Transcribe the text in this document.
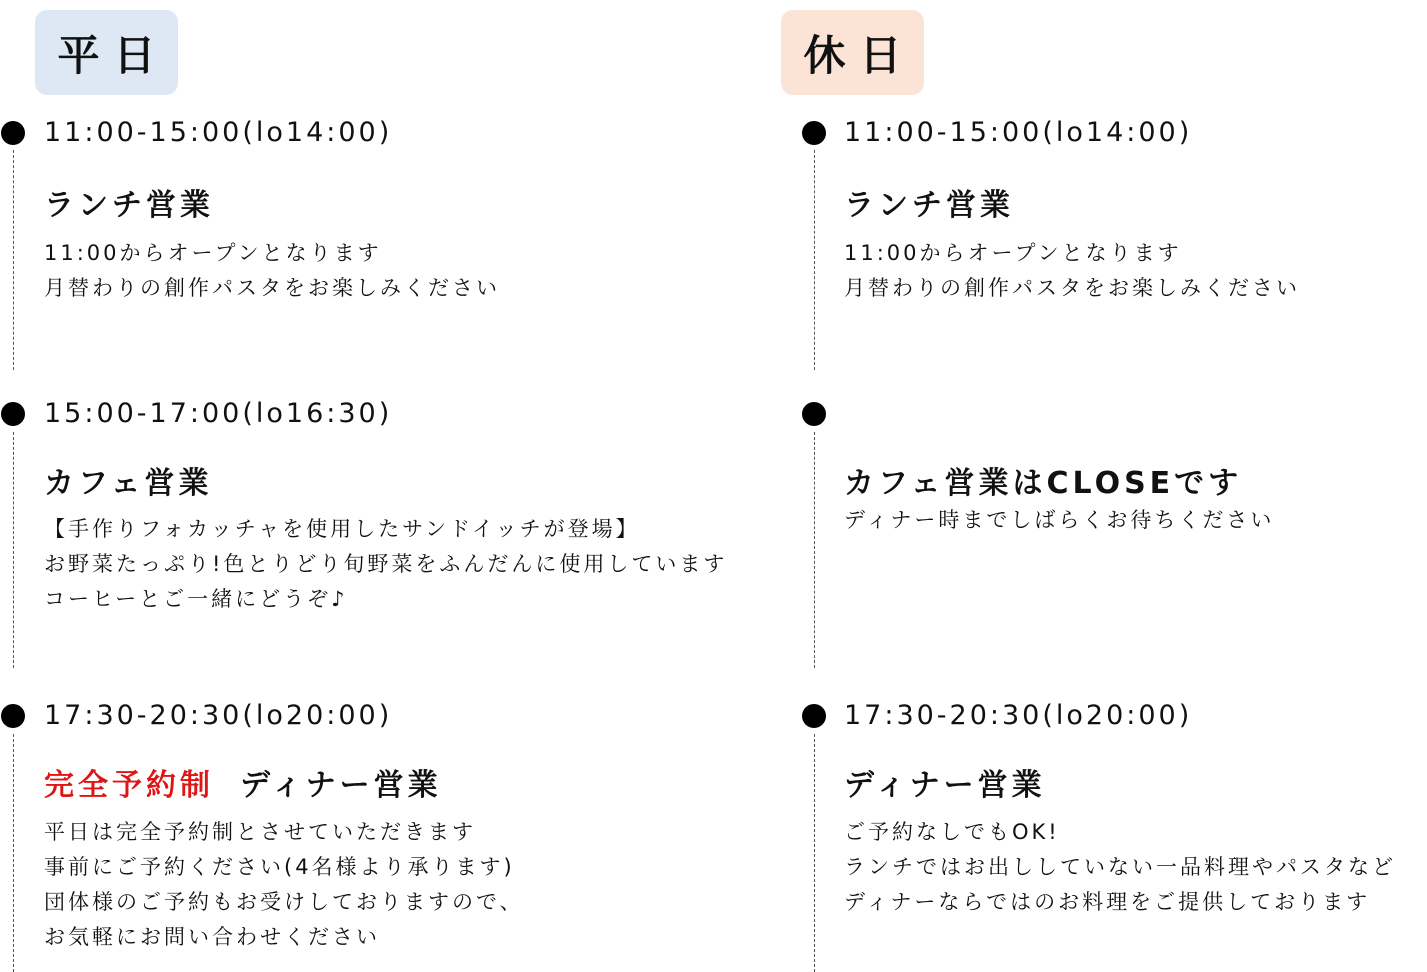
平日
11:00-15:00(lo14:00)
ランチ営業
11:00からオープンとなります
月替わりの創作パスタをお楽しみください
15:00-17:00(lo16:30)
カフェ営業
【手作りフォカッチャを使用したサンドイッチが登場】
お野菜たっぷり!色とりどり旬野菜をふんだんに使用しています
コーヒーとご一緒にどうぞ♪
17:30-20:30(lo20:00)
完全予約制 ディナー営業
平日は完全予約制とさせていただきます
事前にご予約ください(4名様より承ります)
団体様のご予約もお受けしておりますので、
お気軽にお問い合わせください
休日
11:00-15:00(lo14:00)
ランチ営業
11:00からオープンとなります
月替わりの創作パスタをお楽しみください
カフェ営業はCLOSEです
ディナー時までしばらくお待ちください
17:30-20:30(lo20:00)
ディナー営業
ご予約なしでもOK!
ランチではお出ししていない一品料理やパスタなど
ディナーならではのお料理をご提供しております
